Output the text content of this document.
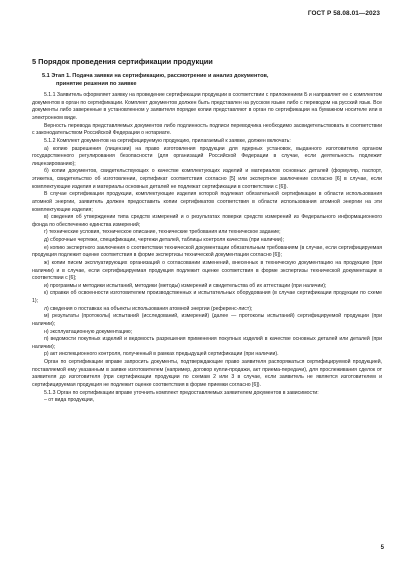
ГОСТ Р 58.08.01—2023
5 Порядок проведения сертификации продукции
5.1 Этап 1. Подача заявки на сертификацию, рассмотрение и анализ документов,
принятие решения по заявке

5.1.1 Заявитель оформляет заявку на проведение сертификации продукции в соответствии с приложением Б и направляет ее с комплектом документов в орган по сертификации. Комплект документов должен быть представлен на русском языке либо с переводом на русский язык. Все документы либо заверенные в установленном у заявителя порядке копии представляют в орган по сертификации на бумажном носителе или в электронном виде.

Верность перевода представляемых документов либо подлинность подписи переводчика необходимо засвидетельствовать в соответствии с законодательством Российской Федерации о нотариате.

5.1.2 Комплект документов на сертифицируемую продукцию, прилагаемый к заявке, должен включать:

а) копию разрешения (лицензии) на право изготовления продукции для ядерных установок, выданного изготовителю органом государственного регулирования безопасности (для организаций Российской Федерации в случае, если деятельность подлежит лицензированию);

б) копии документов, свидетельствующих о качестве комплектующих изделий и материалов основных деталей (формуляр, паспорт, этикетка, свидетельство об изготовлении, сертификат соответствия согласно [5] или экспертное заключение согласно [6] в случае, если комплектующие изделия и материалы основных деталей не подлежат сертификации в соответствии с [6]).

В случае сертификации продукции, комплектующие изделия которой подлежат обязательной сертификации в области использования атомной энергии, заявитель должен предоставить копии сертификатов соответствия в области использования атомной энергии на эти комплектующие изделия;

в) сведения об утверждении типа средств измерений и о результатах поверки средств измерений из Федерального информационного фонда по обеспечению единства измерений;

г) технические условия, техническое описание, технические требования или техническое задание;

д) сборочные чертежи, спецификации, чертежи деталей, таблицы контроля качества (при наличии);

е) копию экспертного заключения о соответствии технической документации обязательным требованиям (в случае, если сертифицируемая продукция подлежит оценке соответствия в форме экспертизы технической документации согласно [6]);

ж) копии писем эксплуатирующих организаций о согласовании изменений, внесенных в техническую документацию на продукцию (при наличии) и в случае, если сертифицируемая продукция подлежит оценке соответствия в форме экспертизы технической документации в соответствии с [6];

и) программы и методики испытаний, методики (методы) измерений и свидетельства об их аттестации (при наличии);

к) справки об освоенности изготовителем производственных и испытательных оборудования (в случае сертификации продукции по схеме 1);

л) сведения о поставках на объекты использования атомной энергии (референс-лист);

м) результаты (протоколы) испытаний (исследований, измерений) (далее — протоколы испытаний) сертифицируемой продукции (при наличии);

н) эксплуатационную документацию;

п) ведомости покупных изделий и ведомость разрешения применения покупных изделий в качестве основных деталей или деталей (при наличии);

р) акт инспекционного контроля, полученный в рамках предыдущей сертификации (при наличии).

Орган по сертификации вправе запросить документы, подтверждающие право заявителя распоряжаться сертифицируемой продукцией, поставляемой ему указанным в заявке изготовителем (например, договор купли-продажи, акт приема-передачи), для прослеживания сделок от заявителя до изготовителя (при сертификации продукции по схемам 2 или 3 в случае, если заявитель не является изготовителем и сертифицируемая продукция не подлежит оценке соответствия в форме приемки согласно [6]).

5.1.3 Орган по сертификации вправе уточнить комплект предоставляемых заявителем документов в зависимости:

– от вида продукции,

5
